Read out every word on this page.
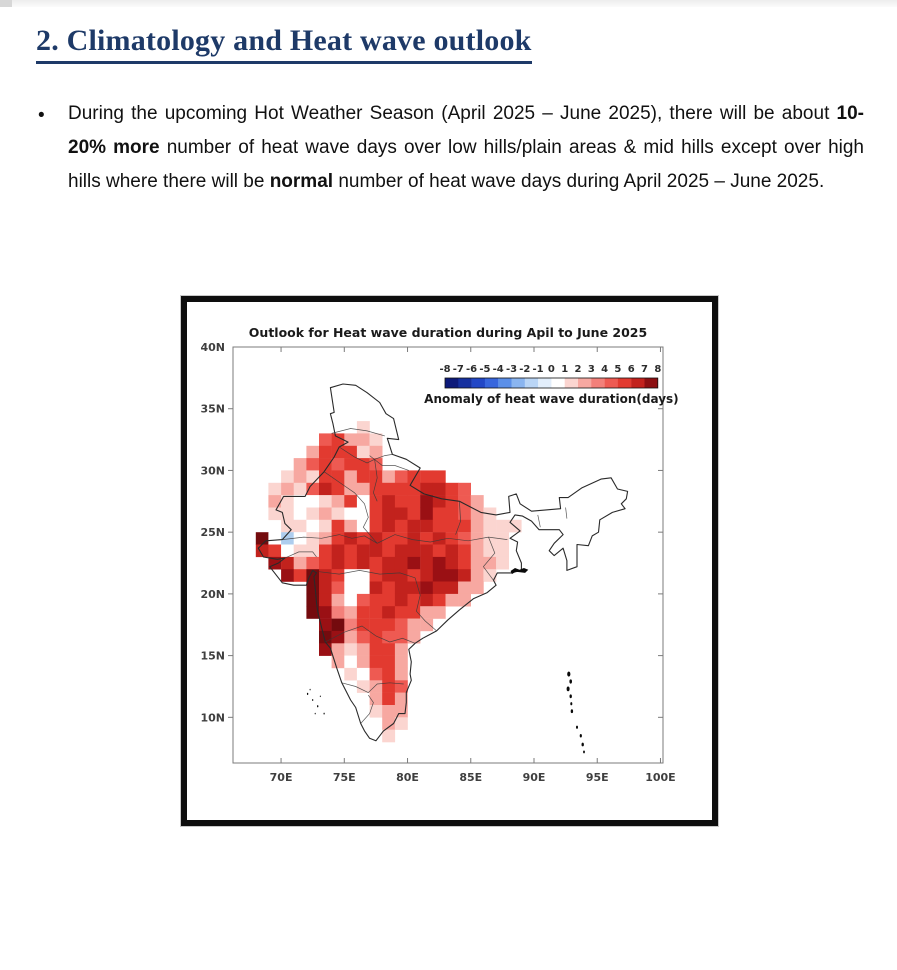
2. Climatology and Heat wave outlook
• During the upcoming Hot Weather Season (April 2025 – June 2025), there will be about 10-20% more number of heat wave days over low hills/plain areas & mid hills except over high hills where there will be normal number of heat wave days during April 2025 – June 2025.

Outlook for Heat wave duration during Apil to June 2025
70E	75E	80E	85E	90E	95E	100E
40N
35N
30N
25N
20N
15N
10N
-8 -7 -6 -5 -4 -3 -2 -1 0 1 2 3 4 5 6 7 8
Anomaly of heat wave duration(days)
